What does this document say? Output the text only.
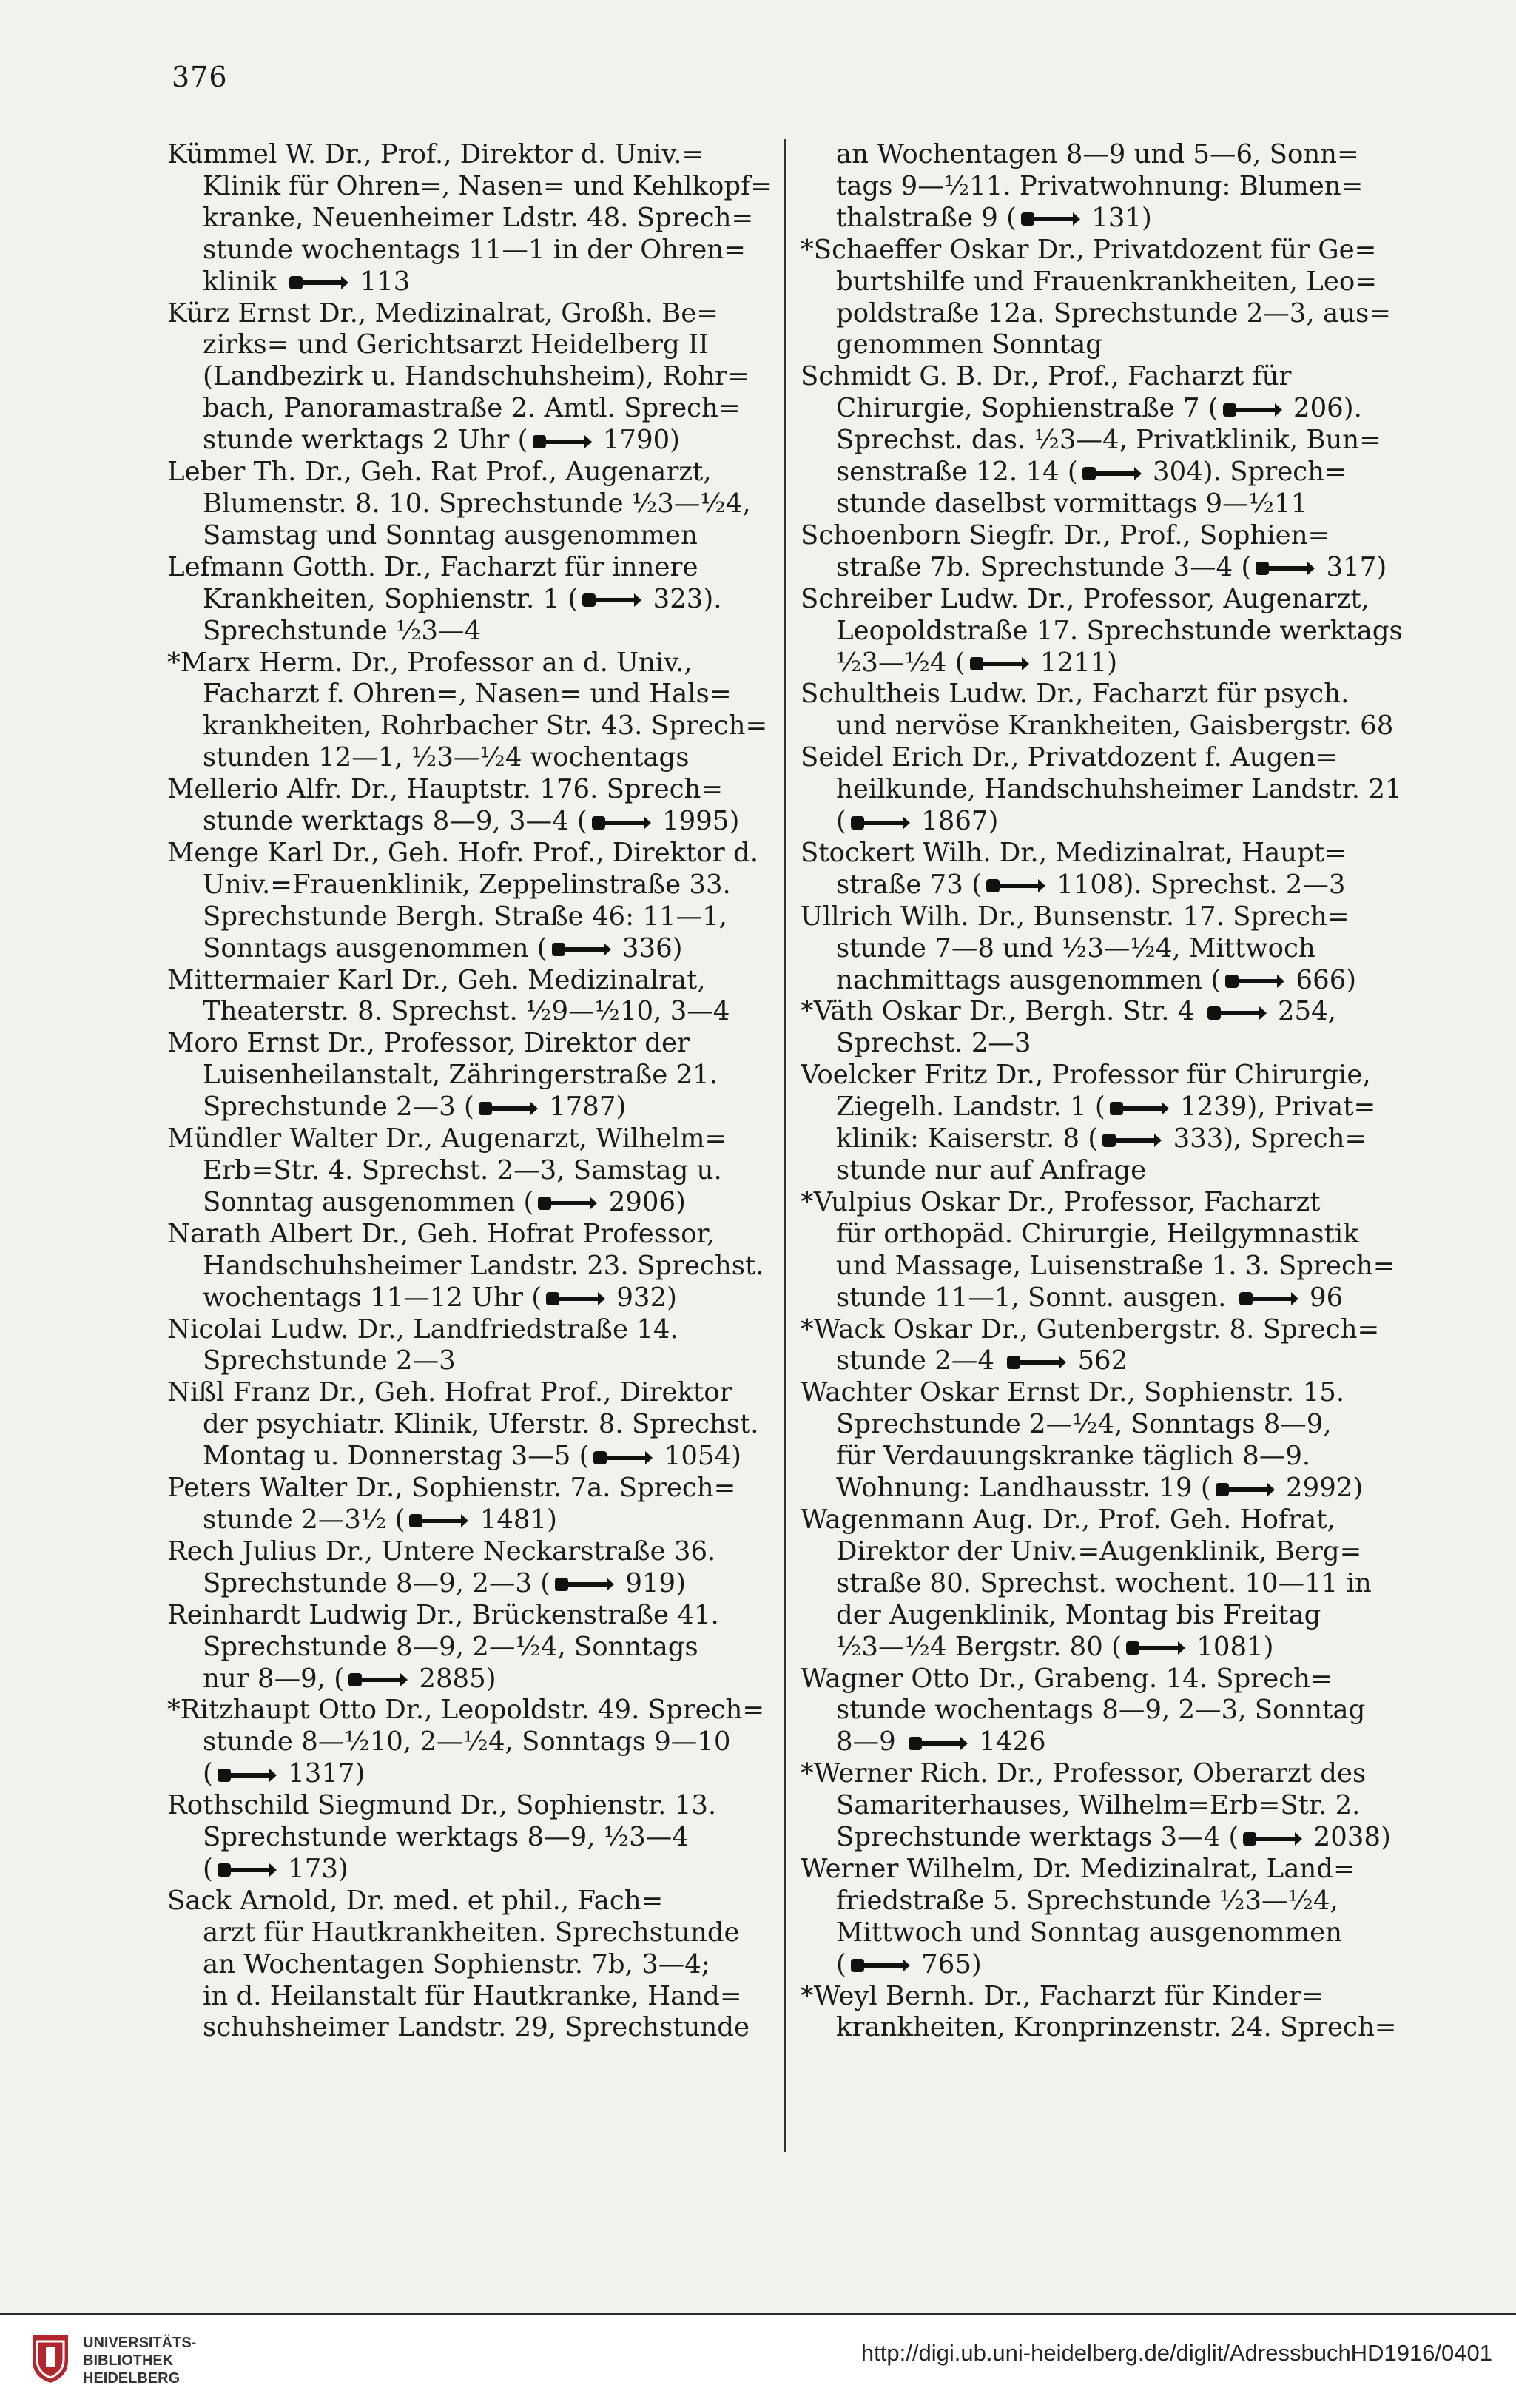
376
Kümmel W. Dr., Prof., Direktor d. Univ.=
Klinik für Ohren=, Nasen= und Kehlkopf=
kranke, Neuenheimer Ldstr. 48. Sprech=
stunde wochentags 11—1 in der Ohren=
klinik	113
Kürz Ernst Dr., Medizinalrat, Großh. Be=
zirks= und Gerichtsarzt Heidelberg II
(Landbezirk u. Handschuhsheim), Rohr=
bach, Panoramastraße 2. Amtl. Sprech=
stunde werktags 2 Uhr (	1790)
Leber Th. Dr., Geh. Rat Prof., Augenarzt,
Blumenstr. 8. 10. Sprechstunde ½3—½4,
Samstag und Sonntag ausgenommen
Lefmann Gotth. Dr., Facharzt für innere
Krankheiten, Sophienstr. 1 (	323).
Sprechstunde ½3—4
*Marx Herm. Dr., Professor an d. Univ.,
Facharzt f. Ohren=, Nasen= und Hals=
krankheiten, Rohrbacher Str. 43. Sprech=
stunden 12—1, ½3—½4 wochentags
Mellerio Alfr. Dr., Hauptstr. 176. Sprech=
stunde werktags 8—9, 3—4 (	1995)
Menge Karl Dr., Geh. Hofr. Prof., Direktor d.
Univ.=Frauenklinik, Zeppelinstraße 33.
Sprechstunde Bergh. Straße 46: 11—1,
Sonntags ausgenommen (	336)
Mittermaier Karl Dr., Geh. Medizinalrat,
Theaterstr. 8. Sprechst. ½9—½10, 3—4
Moro Ernst Dr., Professor, Direktor der
Luisenheilanstalt, Zähringerstraße 21.
Sprechstunde 2—3 (	1787)
Mündler Walter Dr., Augenarzt, Wilhelm=
Erb=Str. 4. Sprechst. 2—3, Samstag u.
Sonntag ausgenommen (	2906)
Narath Albert Dr., Geh. Hofrat Professor,
Handschuhsheimer Landstr. 23. Sprechst.
wochentags 11—12 Uhr (	932)
Nicolai Ludw. Dr., Landfriedstraße 14.
Sprechstunde 2—3
Nißl Franz Dr., Geh. Hofrat Prof., Direktor
der psychiatr. Klinik, Uferstr. 8. Sprechst.
Montag u. Donnerstag 3—5 (	1054)
Peters Walter Dr., Sophienstr. 7a. Sprech=
stunde 2—3½ (	1481)
Rech Julius Dr., Untere Neckarstraße 36.
Sprechstunde 8—9, 2—3 (	919)
Reinhardt Ludwig Dr., Brückenstraße 41.
Sprechstunde 8—9, 2—½4, Sonntags
nur 8—9, (	2885)
*Ritzhaupt Otto Dr., Leopoldstr. 49. Sprech=
stunde 8—½10, 2—½4, Sonntags 9—10
(	1317)
Rothschild Siegmund Dr., Sophienstr. 13.
Sprechstunde werktags 8—9, ½3—4
(	173)
Sack Arnold, Dr. med. et phil., Fach=
arzt für Hautkrankheiten. Sprechstunde
an Wochentagen Sophienstr. 7b, 3—4;
in d. Heilanstalt für Hautkranke, Hand=
schuhsheimer Landstr. 29, Sprechstunde
an Wochentagen 8—9 und 5—6, Sonn=
tags 9—½11. Privatwohnung: Blumen=
thalstraße 9 (	131)
*Schaeffer Oskar Dr., Privatdozent für Ge=
burtshilfe und Frauenkrankheiten, Leo=
poldstraße 12a. Sprechstunde 2—3, aus=
genommen Sonntag
Schmidt G. B. Dr., Prof., Facharzt für
Chirurgie, Sophienstraße 7 (	206).
Sprechst. das. ½3—4, Privatklinik, Bun=
senstraße 12. 14 (	304). Sprech=
stunde daselbst vormittags 9—½11
Schoenborn Siegfr. Dr., Prof., Sophien=
straße 7b. Sprechstunde 3—4 (	317)
Schreiber Ludw. Dr., Professor, Augenarzt,
Leopoldstraße 17. Sprechstunde werktags
½3—½4 (	1211)
Schultheis Ludw. Dr., Facharzt für psych.
und nervöse Krankheiten, Gaisbergstr. 68
Seidel Erich Dr., Privatdozent f. Augen=
heilkunde, Handschuhsheimer Landstr. 21
(	1867)
Stockert Wilh. Dr., Medizinalrat, Haupt=
straße 73 (	1108). Sprechst. 2—3
Ullrich Wilh. Dr., Bunsenstr. 17. Sprech=
stunde 7—8 und ½3—½4, Mittwoch
nachmittags ausgenommen (	666)
*Väth Oskar Dr., Bergh. Str. 4	254,
Sprechst. 2—3
Voelcker Fritz Dr., Professor für Chirurgie,
Ziegelh. Landstr. 1 (	1239), Privat=
klinik: Kaiserstr. 8 (	333), Sprech=
stunde nur auf Anfrage
*Vulpius Oskar Dr., Professor, Facharzt
für orthopäd. Chirurgie, Heilgymnastik
und Massage, Luisenstraße 1. 3. Sprech=
stunde 11—1, Sonnt. ausgen.	96
*Wack Oskar Dr., Gutenbergstr. 8. Sprech=
stunde 2—4	562
Wachter Oskar Ernst Dr., Sophienstr. 15.
Sprechstunde 2—½4, Sonntags 8—9,
für Verdauungskranke täglich 8—9.
Wohnung: Landhausstr. 19 (	2992)
Wagenmann Aug. Dr., Prof. Geh. Hofrat,
Direktor der Univ.=Augenklinik, Berg=
straße 80. Sprechst. wochent. 10—11 in
der Augenklinik, Montag bis Freitag
½3—½4 Bergstr. 80 (	1081)
Wagner Otto Dr., Grabeng. 14. Sprech=
stunde wochentags 8—9, 2—3, Sonntag
8—9	1426
*Werner Rich. Dr., Professor, Oberarzt des
Samariterhauses, Wilhelm=Erb=Str. 2.
Sprechstunde werktags 3—4 (	2038)
Werner Wilhelm, Dr. Medizinalrat, Land=
friedstraße 5. Sprechstunde ½3—½4,
Mittwoch und Sonntag ausgenommen
(	765)
*Weyl Bernh. Dr., Facharzt für Kinder=
krankheiten, Kronprinzenstr. 24. Sprech=
UNIVERSITÄTS-
BIBLIOTHEK
HEIDELBERG
http://digi.ub.uni-heidelberg.de/diglit/AdressbuchHD1916/0401
